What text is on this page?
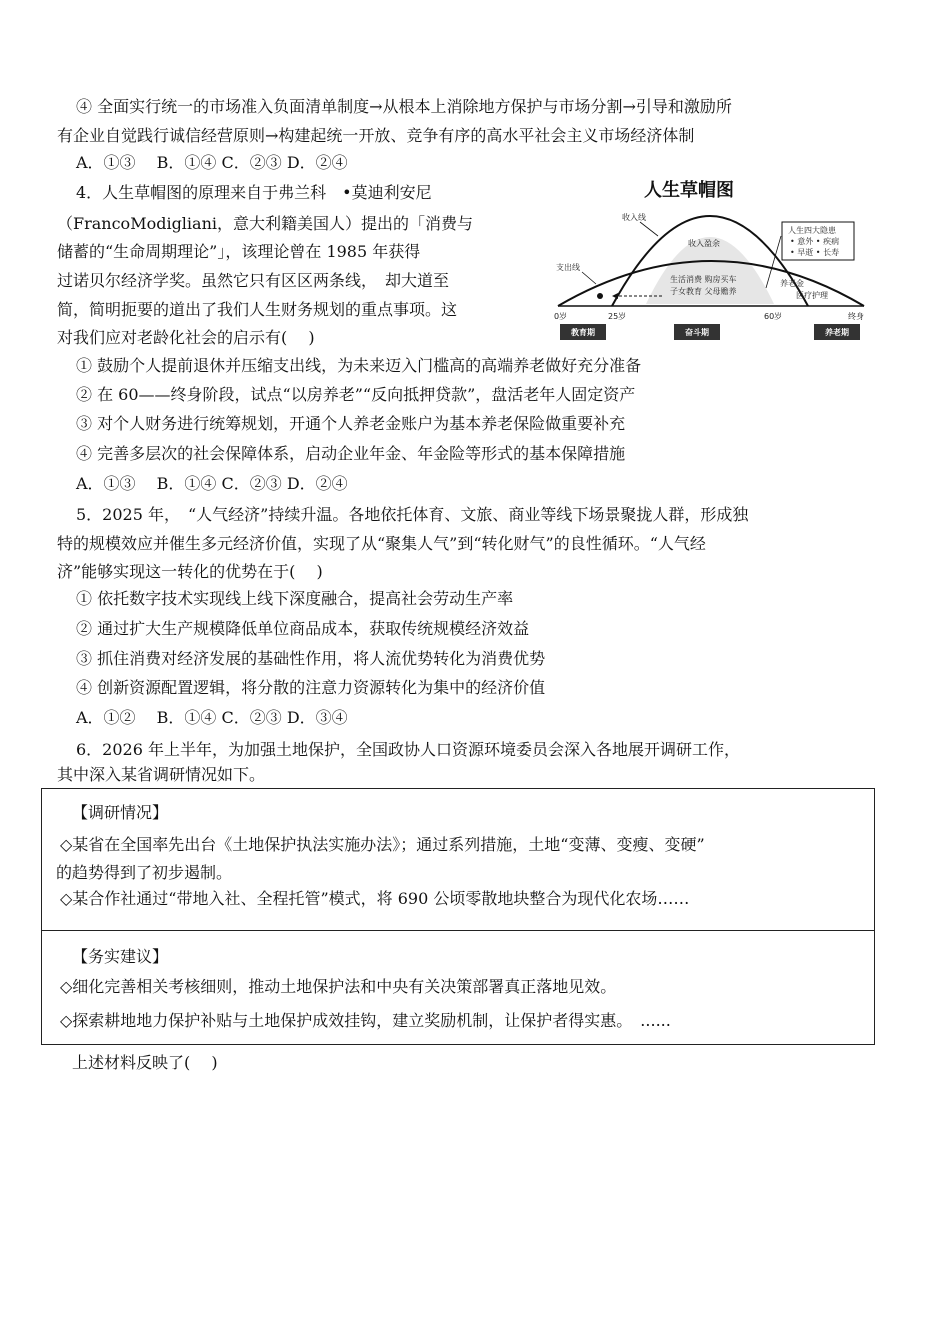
④ 全面实行统一的市场准入负面清单制度→从根本上消除地方保护与市场分割→引导和激励所
有企业自觉践行诚信经营原则→构建起统一开放、竞争有序的高水平社会主义市场经济体制
A．①③　 B．①④ C．②③ D．②④
4．人生草帽图的原理来自于弗兰科　•莫迪利安尼
（FrancoModigliani，意大利籍美国人）提出的「消费与
储蓄的“生命周期理论”」，该理论曾在 1985 年获得
过诺贝尔经济学奖。虽然它只有区区两条线，　却大道至
简，简明扼要的道出了我们人生财务规划的重点事项。这
对我们应对老龄化社会的启示有(　 )
人生草帽图
收入线
支出线
收入盈余
人生四大隐患
• 意外 • 疾病
• 早逝 • 长寿
生活消费 购房买车
子女教育 父母赡养
养老金
医疗护理
0岁	25岁	60岁	终身
教育期	奋斗期	养老期
① 鼓励个人提前退休并压缩支出线，为未来迈入门槛高的高端养老做好充分准备
② 在 60——终身阶段，试点“以房养老”“反向抵押贷款”，盘活老年人固定资产
③ 对个人财务进行统筹规划，开通个人养老金账户为基本养老保险做重要补充
④ 完善多层次的社会保障体系，启动企业年金、年金险等形式的基本保障措施
A．①③　 B．①④ C．②③ D．②④
5．2025 年，　“人气经济”持续升温。各地依托体育、文旅、商业等线下场景聚拢人群，形成独
特的规模效应并催生多元经济价值，实现了从“聚集人气”到“转化财气”的良性循环。“人气经
济”能够实现这一转化的优势在于(　 )
① 依托数字技术实现线上线下深度融合，提高社会劳动生产率
② 通过扩大生产规模降低单位商品成本，获取传统规模经济效益
③ 抓住消费对经济发展的基础性作用，将人流优势转化为消费优势
④ 创新资源配置逻辑，将分散的注意力资源转化为集中的经济价值
A．①②　 B．①④ C．②③ D．③④
6．2026 年上半年，为加强土地保护，全国政协人口资源环境委员会深入各地展开调研工作，
其中深入某省调研情况如下。
【调研情况】
◇某省在全国率先出台《土地保护执法实施办法》；通过系列措施，土地“变薄、变瘦、变硬”
的趋势得到了初步遏制。
◇某合作社通过“带地入社、全程托管”模式，将 690 公顷零散地块整合为现代化农场……
【务实建议】
◇细化完善相关考核细则，推动土地保护法和中央有关决策部署真正落地见效。
◇探索耕地地力保护补贴与土地保护成效挂钩，建立奖励机制，让保护者得实惠。　......
上述材料反映了(　 )
